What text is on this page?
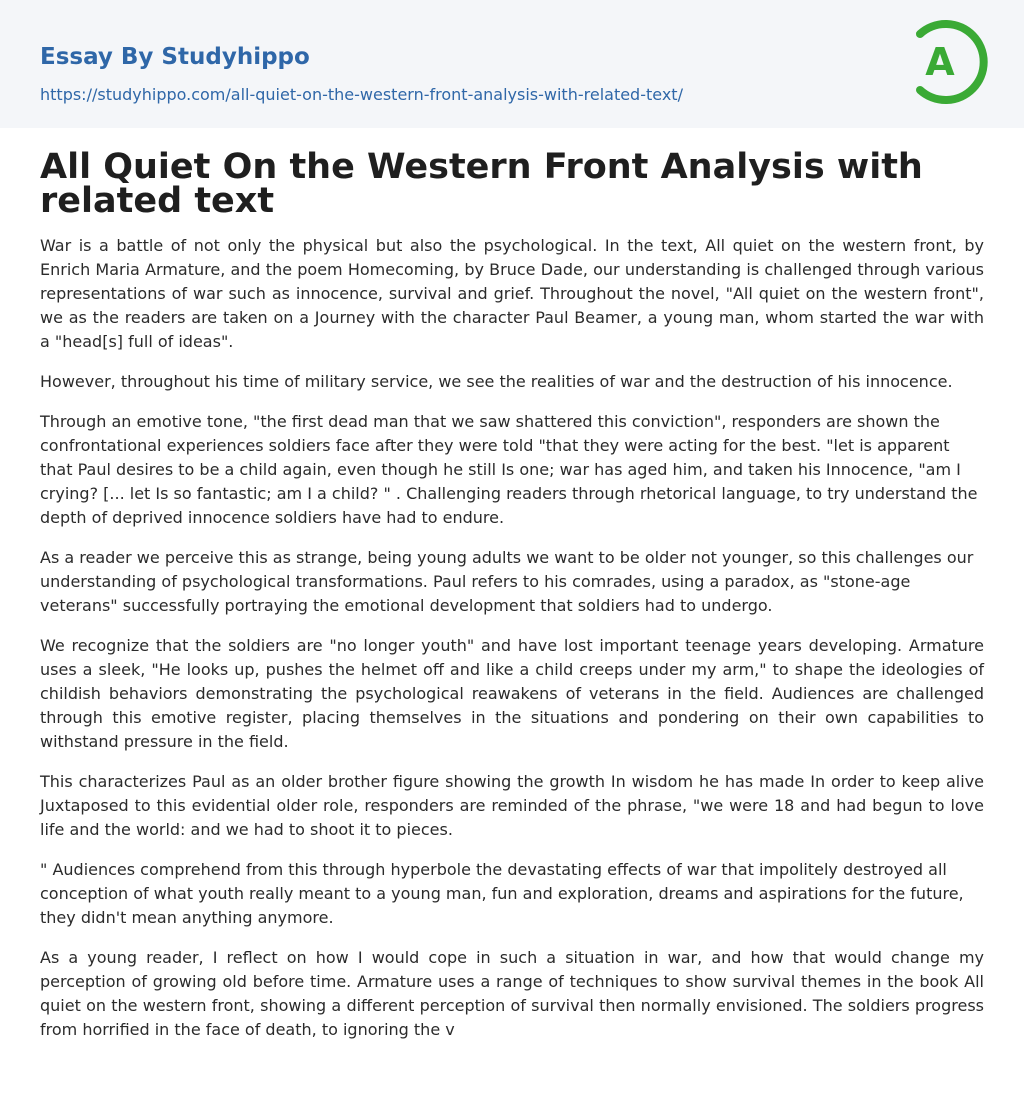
Essay By Studyhippo
https://studyhippo.com/all-quiet-on-the-western-front-analysis-with-related-text/
A
All Quiet On the Western Front Analysis with related text

War is a battle of not only the physical but also the psychological. In the text, All quiet on the western front, by Enrich Maria Armature, and the poem Homecoming, by Bruce Dade, our understanding is challenged through various representations of war such as innocence, survival and grief. Throughout the novel, "All quiet on the western front", we as the readers are taken on a Journey with the character Paul Beamer, a young man, whom started the war with a "head[s] full of ideas".

However, throughout his time of military service, we see the realities of war and the destruction of his innocence.

Through an emotive tone, "the first dead man that we saw shattered this conviction", responders are shown the confrontational experiences soldiers face after they were told "that they were acting for the best. "let is apparent that Paul desires to be a child again, even though he still Is one; war has aged him, and taken his Innocence, "am I crying? [... let Is so fantastic; am I a child? " . Challenging readers through rhetorical language, to try understand the depth of deprived innocence soldiers have had to endure.

As a reader we perceive this as strange, being young adults we want to be older not younger, so this challenges our understanding of psychological transformations. Paul refers to his comrades, using a paradox, as "stone-age veterans" successfully portraying the emotional development that soldiers had to undergo.

We recognize that the soldiers are "no longer youth" and have lost important teenage years developing. Armature uses a sleek, "He looks up, pushes the helmet off and like a child creeps under my arm," to shape the ideologies of childish behaviors demonstrating the psychological reawakens of veterans in the field. Audiences are challenged through this emotive register, placing themselves in the situations and pondering on their own capabilities to withstand pressure in the field.

This characterizes Paul as an older brother figure showing the growth In wisdom he has made In order to keep alive Juxtaposed to this evidential older role, responders are reminded of the phrase, "we were 18 and had begun to love life and the world: and we had to shoot it to pieces.

" Audiences comprehend from this through hyperbole the devastating effects of war that impolitely destroyed all conception of what youth really meant to a young man, fun and exploration, dreams and aspirations for the future, they didn't mean anything anymore.

As a young reader, I reflect on how I would cope in such a situation in war, and how that would change my perception of growing old before time. Armature uses a range of techniques to show survival themes in the book All quiet on the western front, showing a different perception of survival then normally envisioned. The soldiers progress from horrified in the face of death, to ignoring the v
